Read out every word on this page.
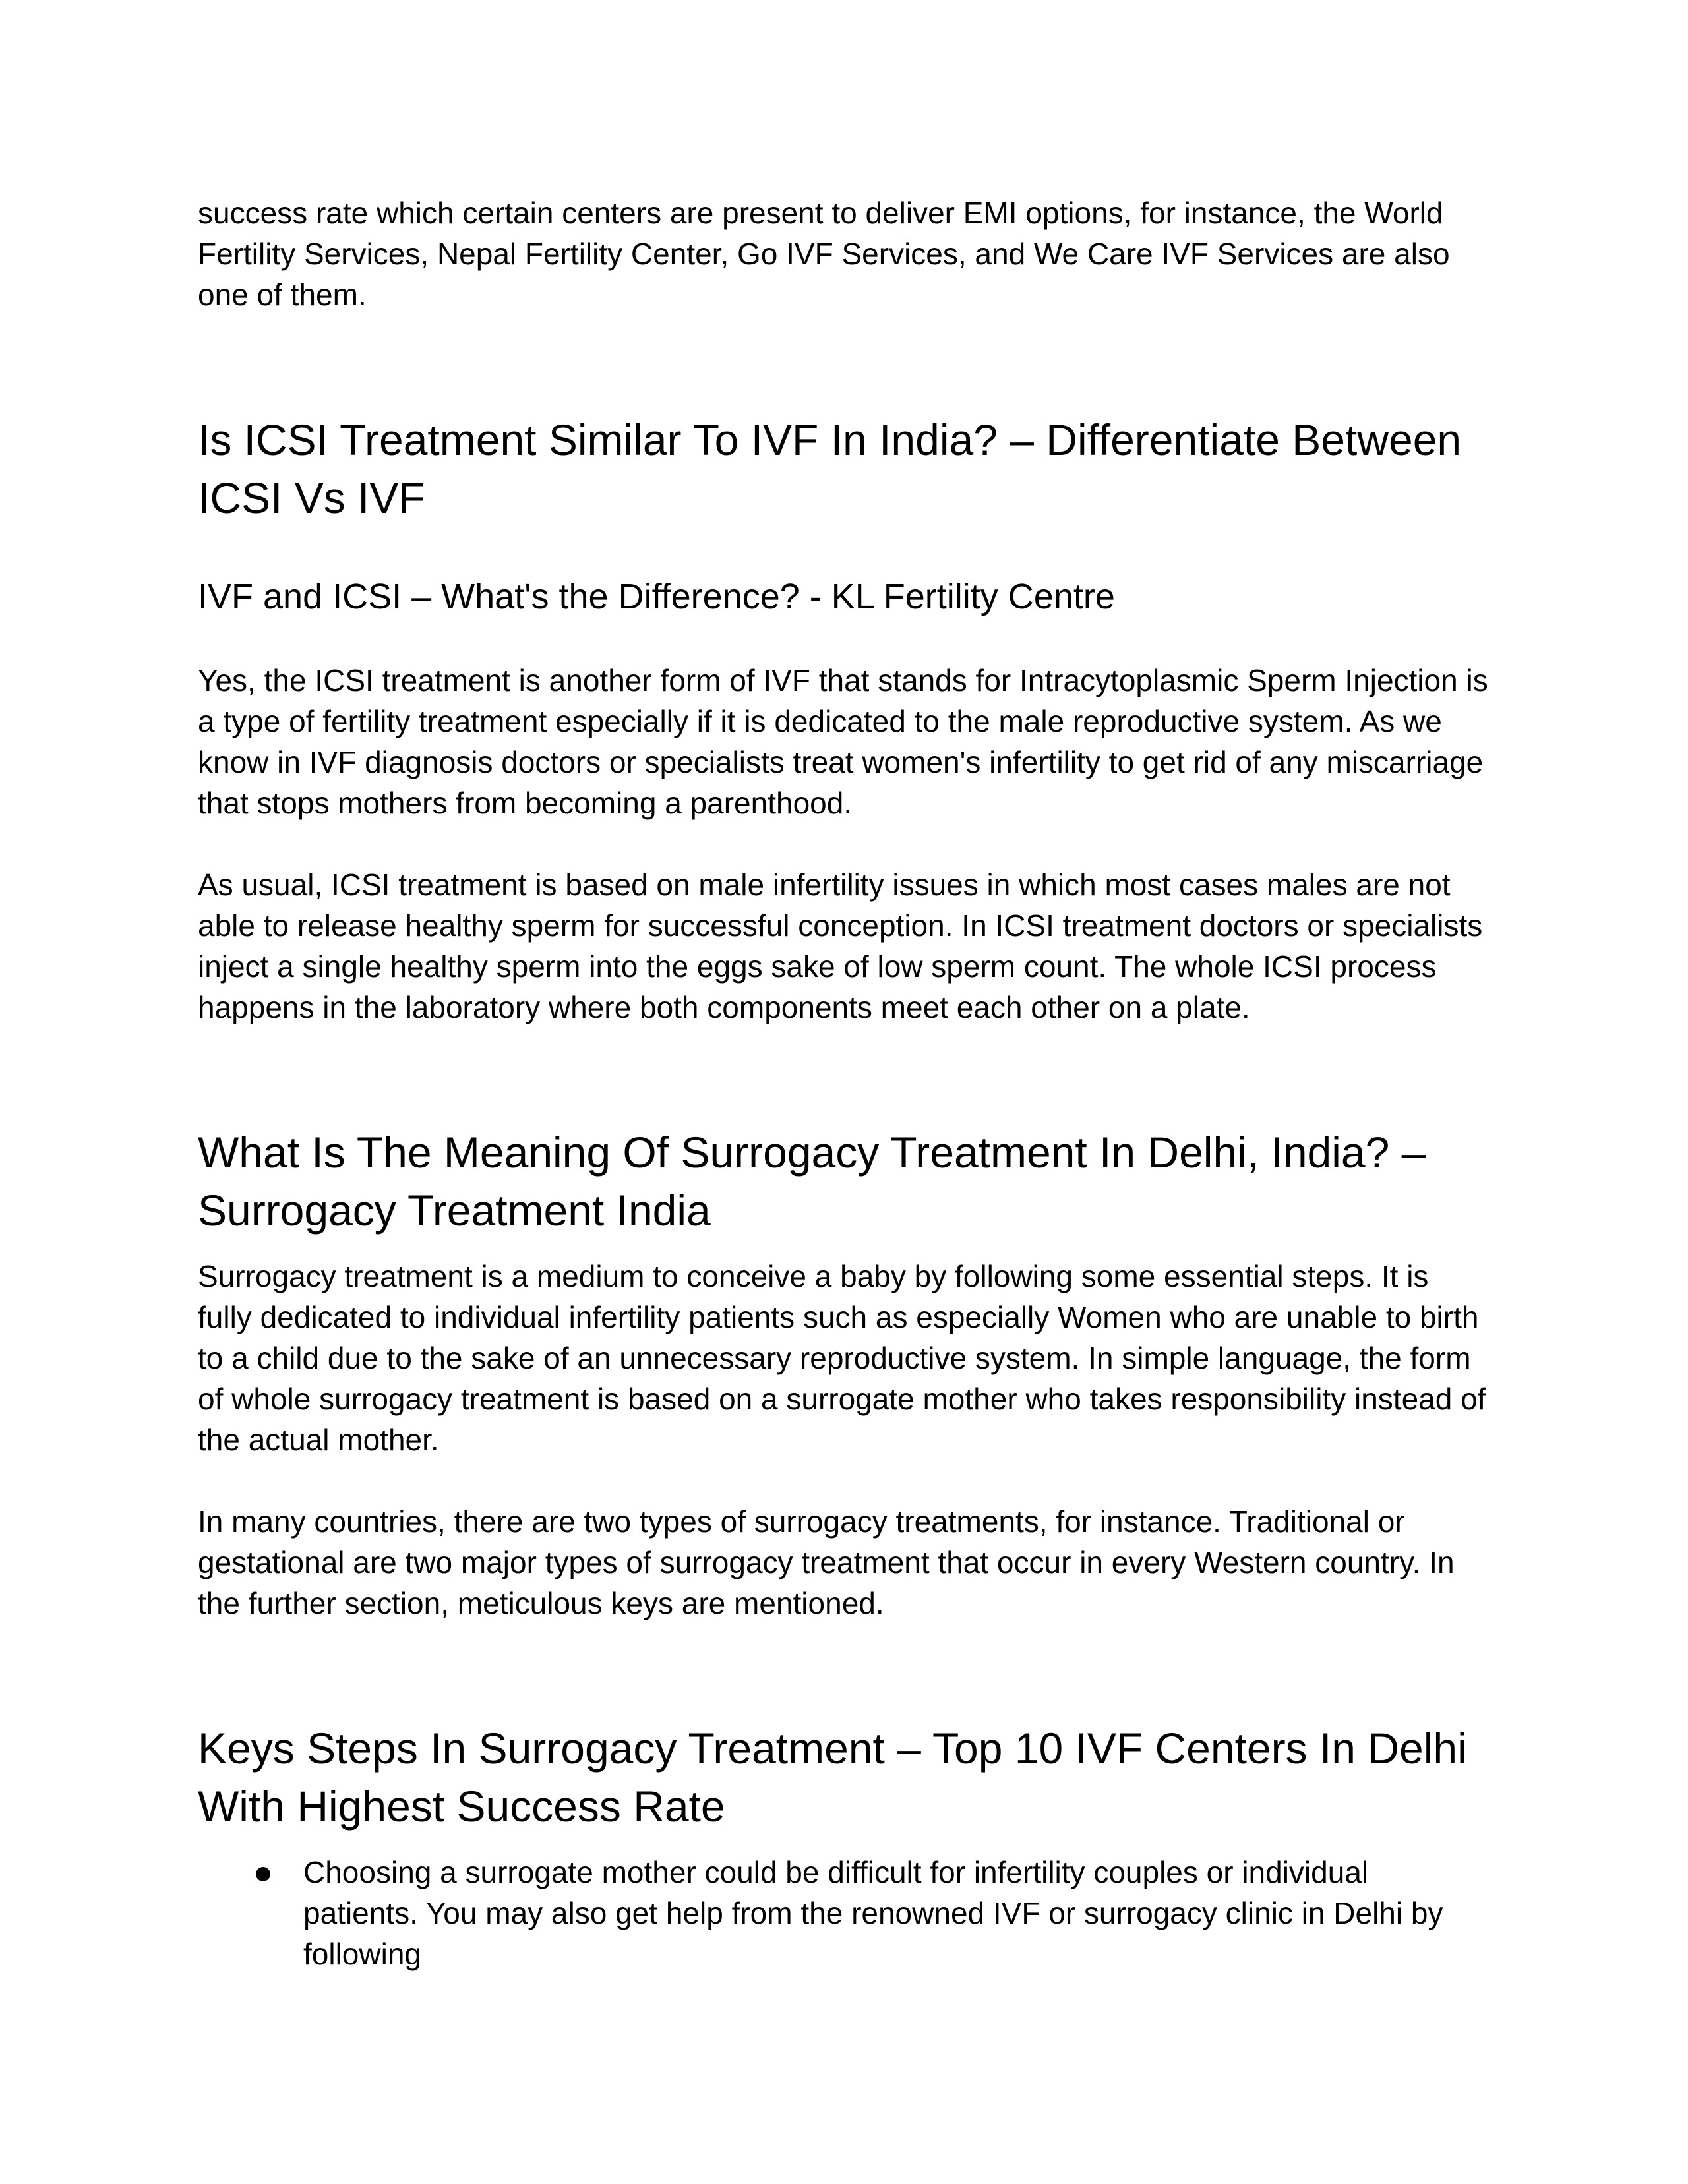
success rate which certain centers are present to deliver EMI options, for instance, the World Fertility Services, Nepal Fertility Center, Go IVF Services, and We Care IVF Services are also one of them.

Is ICSI Treatment Similar To IVF In India? – Differentiate Between ICSI Vs IVF
IVF and ICSI – What's the Difference? - KL Fertility Centre

Yes, the ICSI treatment is another form of IVF that stands for Intracytoplasmic Sperm Injection is a type of fertility treatment especially if it is dedicated to the male reproductive system. As we know in IVF diagnosis doctors or specialists treat women's infertility to get rid of any miscarriage that stops mothers from becoming a parenthood.

As usual, ICSI treatment is based on male infertility issues in which most cases males are not able to release healthy sperm for successful conception. In ICSI treatment doctors or specialists inject a single healthy sperm into the eggs sake of low sperm count. The whole ICSI process happens in the laboratory where both components meet each other on a plate.

What Is The Meaning Of Surrogacy Treatment In Delhi, India? – Surrogacy Treatment India

Surrogacy treatment is a medium to conceive a baby by following some essential steps. It is fully dedicated to individual infertility patients such as especially Women who are unable to birth to a child due to the sake of an unnecessary reproductive system. In simple language, the form of whole surrogacy treatment is based on a surrogate mother who takes responsibility instead of the actual mother.

In many countries, there are two types of surrogacy treatments, for instance. Traditional or gestational are two major types of surrogacy treatment that occur in every Western country. In the further section, meticulous keys are mentioned.

Keys Steps In Surrogacy Treatment – Top 10 IVF Centers In Delhi With Highest Success Rate
Choosing a surrogate mother could be difficult for infertility couples or individual patients. You may also get help from the renowned IVF or surrogacy clinic in Delhi by following
